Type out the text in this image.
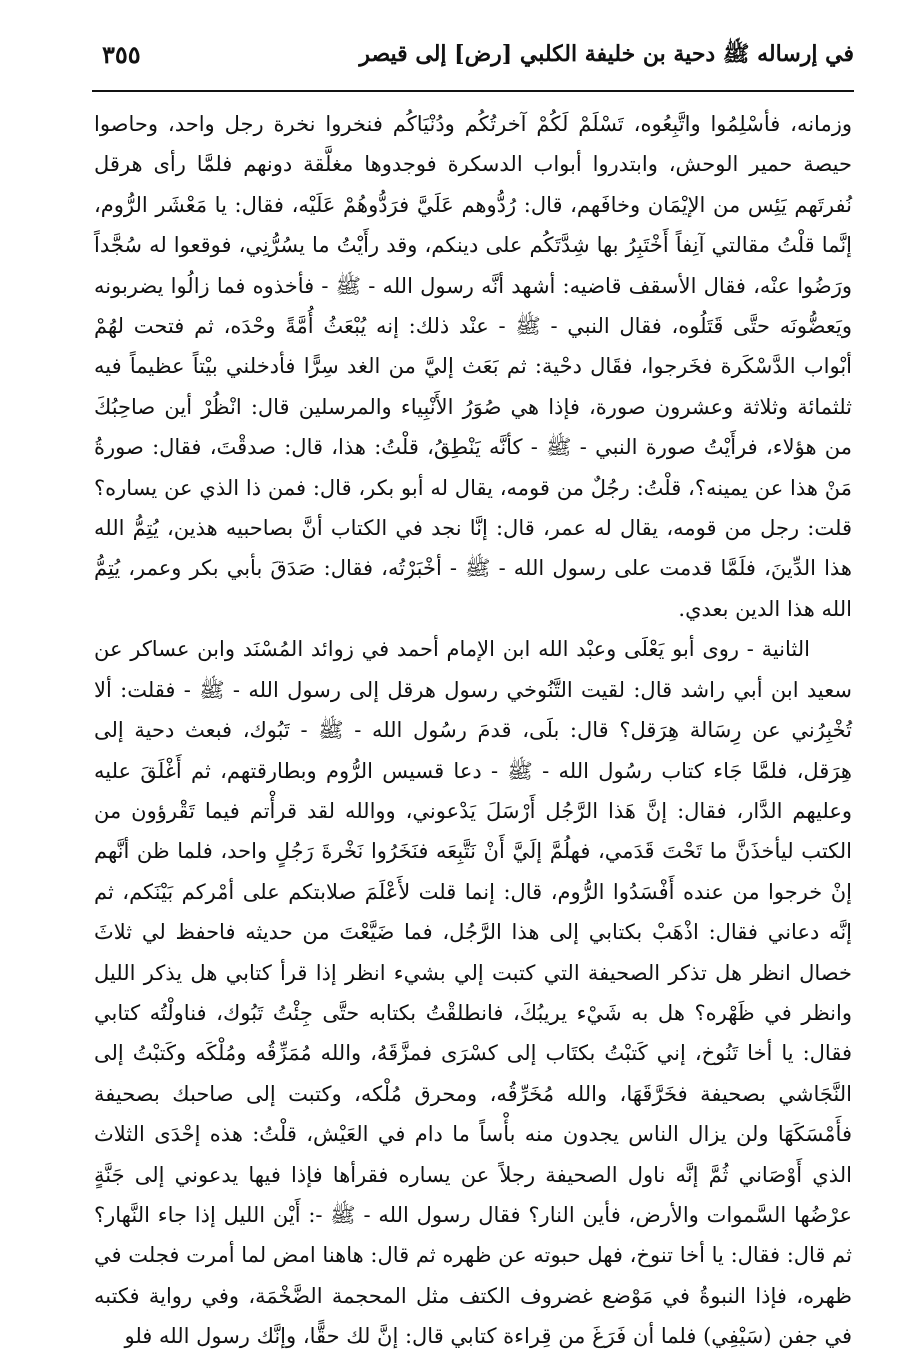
في إرساله ﷺ دحية بن خليفة الكلبي [رض] إلى قيصر
٣٥٥

وزمانه، فأسْلِمُوا واتَّبِعُوه، تَسْلَمْ لَكُمْ آخرتُكُم ودُنْيَاكُم فنخروا نخرة رجل واحد، وحاصوا حيصة حمير الوحش، وابتدروا أبواب الدسكرة فوجدوها مغلَّقة دونهم فلمَّا رأى هرقل نُفرتَهم يَئِس من الإيْمَان وخافَهم، قال: رُدُّوهم عَلَيَّ فرَدُّوهُمْ عَلَيْه، فقال: يا مَعْشَر الرُّوم، إنَّما قلْتُ مقالتي آنِفاً أَخْتَبِرُ بها شِدَّتَكُم على دينكم، وقد رأَيْتُ ما يسُرُّنِي، فوقعوا له سُجَّداً ورَضُوا عنْه، فقال الأسقف قاضيه: أشهد أنَّه رسول الله - ﷺ - فأخذوه فما زالُوا يضربونه ويَعضُّونَه حتَّى قَتَلُوه، فقال النبي - ﷺ - عنْد ذلك: إنه يُبْعَثُ أُمَّةً وحْدَه، ثم فتحت لهُمْ أبْواب الدَّسْكَرة فخَرجوا، فقَال دحْية: ثم بَعَث إليَّ من الغد سِرًّا فأدخلني بيْتاً عظيماً فيه ثلثمائة وثلاثة وعشرون صورة، فإذا هي صُوَرُ الأَنْبِياء والمرسلين قال: انْظُرْ أين صاحِبُكَ من هؤلاء، فرأَيْتُ صورة النبي - ﷺ - كأنَّه يَنْطِقُ، قلْتُ: هذا، قال: صدقْتَ، فقال: صورةُ مَنْ هذا عن يمينه؟، قلْتُ: رجُلٌ من قومه، يقال له أبو بكر، قال: فمن ذا الذي عن يساره؟ قلت: رجل من قومه، يقال له عمر، قال: إنَّا نجد في الكتاب أنَّ بصاحبيه هذين، يُتِمُّ الله هذا الدِّينَ، فلَمَّا قدمت على رسول الله - ﷺ - أخْبَرْتُه، فقال: صَدَقَ بأبي بكر وعمر، يُتِمُّ الله هذا الدين بعدي.

الثانية - روى أبو يَعْلَى وعبْد الله ابن الإمام أحمد في زوائد المُسْنَد وابن عساكر عن سعيد ابن أبي راشد قال: لقيت التَّنُوخي رسول هرقل إلى رسول الله - ﷺ - فقلت: ألا تُخْبِرُني عن رِسَالة هِرَقل؟ قال: بلَى، قدمَ رسُول الله - ﷺ - تَبُوك، فبعث دحية إلى هِرَقل، فلمَّا جَاء كتاب رسُول الله - ﷺ - دعا قسيس الرُّوم وبطارقتهم، ثم أَغْلَقَ عليه وعليهم الدَّار، فقال: إنَّ هَذا الرَّجُل أَرْسَلَ يَدْعوني، ووالله لقد قرأْتم فيما تَقْرؤون من الكتب ليأخذَنَّ ما تَحْتَ قَدَمي، فهلُمَّ إلَيَّ أَنْ نَتَّبِعَه فنَخَرُوا نَخْرةَ رَجُلٍ واحد، فلما ظن أنَّهم إنْ خرجوا من عنده أَفْسَدُوا الرُّوم، قال: إنما قلت لأَعْلَمَ صلابتكم على أمْركم بَيْنَكم، ثم إنَّه دعاني فقال: اذْهَبْ بكتابي إلى هذا الرَّجُل، فما ضَيَّعْتَ من حديثه فاحفظ لي ثلاثَ خصال انظر هل تذكر الصحيفة التي كتبت إلي بشيء انظر إذا قرأ كتابي هل يذكر الليل وانظر في ظَهْره؟ هل به شَيْء يريبُكَ، فانطلقْتُ بكتابه حتَّى جِئْتُ تَبُوك، فناولْتُه كتابي فقال: يا أخا تَنُوخ، إني كَتبْتُ بكتَاب إلى كسْرَى فمزَّقَهُ، والله مُمَزِّقُه ومُلْكَه وكَتبْتُ إلى النَّجَاشي بصحيفة فخَرَّقَهَا، والله مُخَرِّقُه، ومحرق مُلْكه، وكتبت إلى صاحبك بصحيفة فأَمْسَكَهَا ولن يزال الناس يجدون منه بأْساً ما دام في العَيْش، قلْتُ: هذه إحْدَى الثلاث الذي أَوْصَاني ثُمَّ إنَّه ناول الصحيفة رجلاً عن يساره فقرأها فإذا فيها يدعوني إلى جَنَّةٍ عرْضُها السَّموات والأرض، فأين النار؟ فقال رسول الله - ﷺ -: أَيْن الليل إذا جاء النَّهار؟ ثم قال: فقال: يا أخا تنوخ، فهل حبوته عن ظهره ثم قال: هاهنا امض لما أمرت فجلت في ظهره، فإذا النبوةُ في مَوْضع غضروف الكتف مثل المحجمة الضَّخْمَة، وفي رواية فكتبه في جفن (سَيْفِي) فلما أن فَرَغَ من قِراءة كتابي قال: إنَّ لك حقًّا، وإنَّك رسول الله فلو
